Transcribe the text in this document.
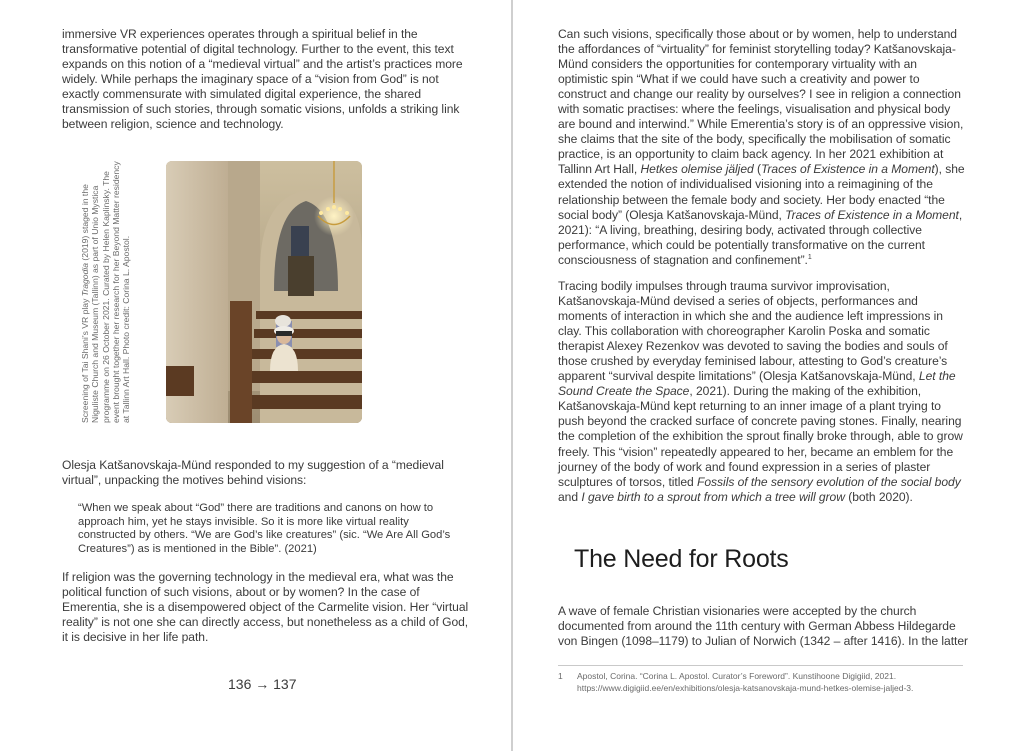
immersive VR experiences operates through a spiritual belief in the transformative potential of digital technology. Further to the event, this text expands on this notion of a “medieval virtual” and the artist’s practices more widely. While perhaps the imaginary space of a “vision from God” is not exactly commensurate with simulated digital experience, the shared transmission of such stories, through somatic visions, unfolds a striking link between religion, science and technology.

Screening of Tai Shani’s VR play Tragodia (2019) staged in the Niguliste Church and Museum (Tallinn) as part of Unio Mystica programme on 26 October 2021. Curated by Helen Kaplinsky. The event brought together her research for her Beyond Matter residency at Tallinn Art Hall. Photo credit: Corina L. Apostol.

Olesja Katšanovskaja-Münd responded to my suggestion of a “medieval virtual”, unpacking the motives behind visions:

“When we speak about “God” there are traditions and canons on how to approach him, yet he stays invisible. So it is more like virtual reality constructed by others. “We are God’s like creatures” (sic. “We Are All God’s Creatures”) as is mentioned in the Bible”. (2021)

If religion was the governing technology in the medieval era, what was the political function of such visions, about or by women? In the case of Emerentia, she is a disempowered object of the Carmelite vision. Her “virtual reality” is not one she can directly access, but nonetheless as a child of God, it is decisive in her life path.

136 → 137

Can such visions, specifically those about or by women, help to understand the affordances of “virtuality” for feminist storytelling today? Katšanovskaja-Münd considers the opportunities for contemporary virtuality with an optimistic spin “What if we could have such a creativity and power to construct and change our reality by ourselves? I see in religion a connection with somatic practises: where the feelings, visualisation and physical body are bound and interwind.” While Emerentia’s story is of an oppressive vision, she claims that the site of the body, specifically the mobilisation of somatic practice, is an opportunity to claim back agency. In her 2021 exhibition at Tallinn Art Hall, Hetkes olemise jäljed (Traces of Existence in a Moment), she extended the notion of individualised visioning into a reimagining of the relationship between the female body and society. Her body enacted “the social body” (Olesja Katšanovskaja-Münd, Traces of Existence in a Moment, 2021): “A living, breathing, desiring body, activated through collective performance, which could be potentially transformative on the current consciousness of stagnation and confinement”.$^1$

Tracing bodily impulses through trauma survivor improvisation, Katšanovskaja-Münd devised a series of objects, performances and moments of interaction in which she and the audience left impressions in clay. This collaboration with choreographer Karolin Poska and somatic therapist Alexey Rezenkov was devoted to saving the bodies and souls of those crushed by everyday feminised labour, attesting to God’s creature’s apparent “survival despite limitations” (Olesja Katšanovskaja-Münd, Let the Sound Create the Space, 2021). During the making of the exhibition, Katšanovskaja-Münd kept returning to an inner image of a plant trying to push beyond the cracked surface of concrete paving stones. Finally, nearing the completion of the exhibition the sprout finally broke through, able to grow freely. This “vision” repeatedly appeared to her, became an emblem for the journey of the body of work and found expression in a series of plaster sculptures of torsos, titled Fossils of the sensory evolution of the social body and I gave birth to a sprout from which a tree will grow (both 2020).

The Need for Roots

A wave of female Christian visionaries were accepted by the church documented from around the 11th century with German Abbess Hildegarde von Bingen (1098–1179) to Julian of Norwich (1342 – after 1416). In the latter

1 Apostol, Corina. “Corina L. Apostol. Curator’s Foreword”. Kunstihoone Digigiid, 2021.
https://www.digigiid.ee/en/exhibitions/olesja-katsanovskaja-mund-hetkes-olemise-jaljed-3.
